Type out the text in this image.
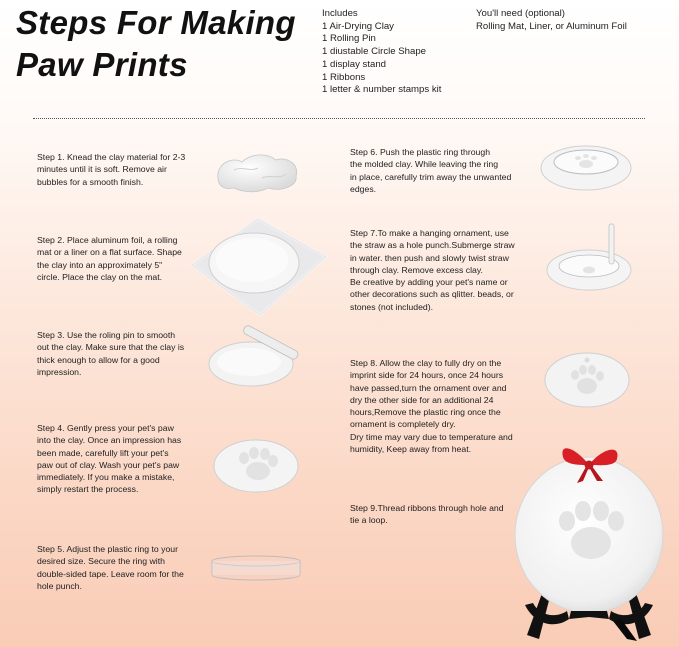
Steps For Making
Paw Prints
Includes
1 Air-Drying Clay
1 Rolling Pin
1 diustable Circle Shape
1 display stand
1 Ribbons
1 letter & number stamps kit
You'll need (optional)
Rolling Mat, Liner, or Aluminum Foil
Step 1. Knead the clay material for 2-3
minutes until it is soft. Remove air
bubbles for a smooth finish.
Step 2. Place aluminum foil, a rolling
mat or a liner on a flat surface. Shape
the clay into an approximately 5"
circle. Place the clay on the mat.
Step 3. Use the roling pin to smooth
out the clay. Make sure that the clay is
thick enough to allow for a good
impression.
Step 4. Gently press your pet's paw
into the clay. Once an impression has
been made, carefully lift your pet's
paw out of clay. Wash your pet's paw
immediately. If you make a mistake,
simply restart the process.
Step 5. Adjust the plastic ring to your
desired size. Secure the ring with
double-sided tape. Leave room for the
hole punch.
Step 6. Push the plastic ring through
the molded clay. While leaving the ring
in place, carefully trim away the unwanted
edges.
Step 7.To make a hanging ornament, use
the straw as a hole punch.Submerge straw
in water. then push and slowly twist straw
through clay. Remove excess clay.
Be creative by adding your pet's name or
other decorations such as qlitter. beads, or
stones (not included).
Step 8. Allow the clay to fully dry on the
imprint side for 24 hours, once 24 hours
have passed,turn the ornament over and
dry the other side for an additional 24
hours,Remove the plastic ring once the
ornament is completely dry.
Dry time may vary due to temperature and
humidity, Keep away from heat.
Step 9.Thread ribbons through hole and
tie a loop.
